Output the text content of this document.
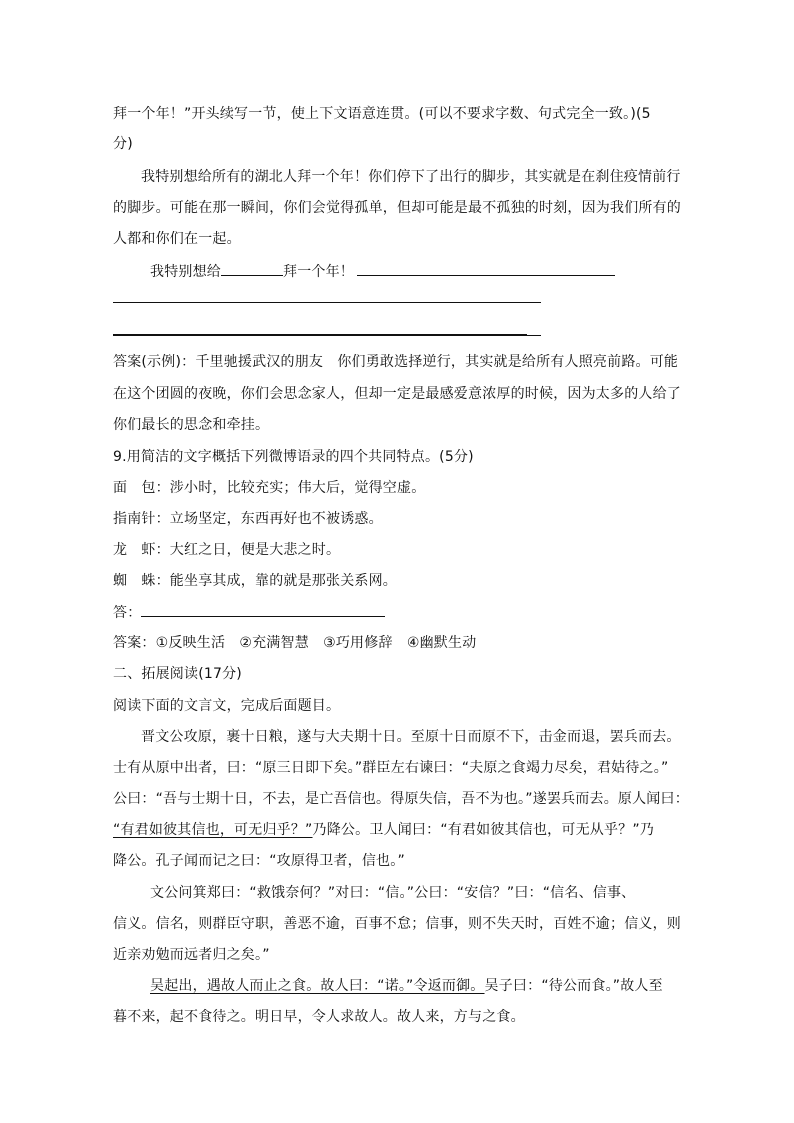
拜一个年！”开头续写一节，使上下文语意连贯。(可以不要求字数、句式完全一致。)(5
分)
我特别想给所有的湖北人拜一个年！你们停下了出行的脚步，其实就是在刹住疫情前行
的脚步。可能在那一瞬间，你们会觉得孤单，但却可能是最不孤独的时刻，因为我们所有的
人都和你们在一起。
我特别想给	拜一个年！
答案(示例)：千里驰援武汉的朋友　你们勇敢选择逆行，其实就是给所有人照亮前路。可能
在这个团圆的夜晚，你们会思念家人，但却一定是最感爱意浓厚的时候，因为太多的人给了
你们最长的思念和牵挂。
9.用简洁的文字概括下列微博语录的四个共同特点。(5分)
面　包：涉小时，比较充实；伟大后，觉得空虚。
指南针：立场坚定，东西再好也不被诱惑。
龙　虾：大红之日，便是大悲之时。
蜘　蛛：能坐享其成，靠的就是那张关系网。
答：
答案：①反映生活　②充满智慧　③巧用修辞　④幽默生动
二、拓展阅读(17分)
阅读下面的文言文，完成后面题目。
晋文公攻原，裹十日粮，遂与大夫期十日。至原十日而原不下，击金而退，罢兵而去。
士有从原中出者，曰：“原三日即下矣。”群臣左右谏曰：“夫原之食竭力尽矣，君姑待之。”
公曰：“吾与士期十日，不去，是亡吾信也。得原失信，吾不为也。”遂罢兵而去。原人闻曰：
“有君如彼其信也，可无归乎？”乃降公。卫人闻曰：“有君如彼其信也，可无从乎？”乃
降公。孔子闻而记之曰：“攻原得卫者，信也。”
文公问箕郑曰：“救饿奈何？”对曰：“信。”公曰：“安信？”曰：“信名、信事、
信义。信名，则群臣守职，善恶不逾，百事不怠；信事，则不失天时，百姓不逾；信义，则
近亲劝勉而远者归之矣。”
吴起出，遇故人而止之食。故人曰：“诺。”令返而御。吴子曰：“待公而食。”故人至
暮不来，起不食待之。明日早，令人求故人。故人来，方与之食。
